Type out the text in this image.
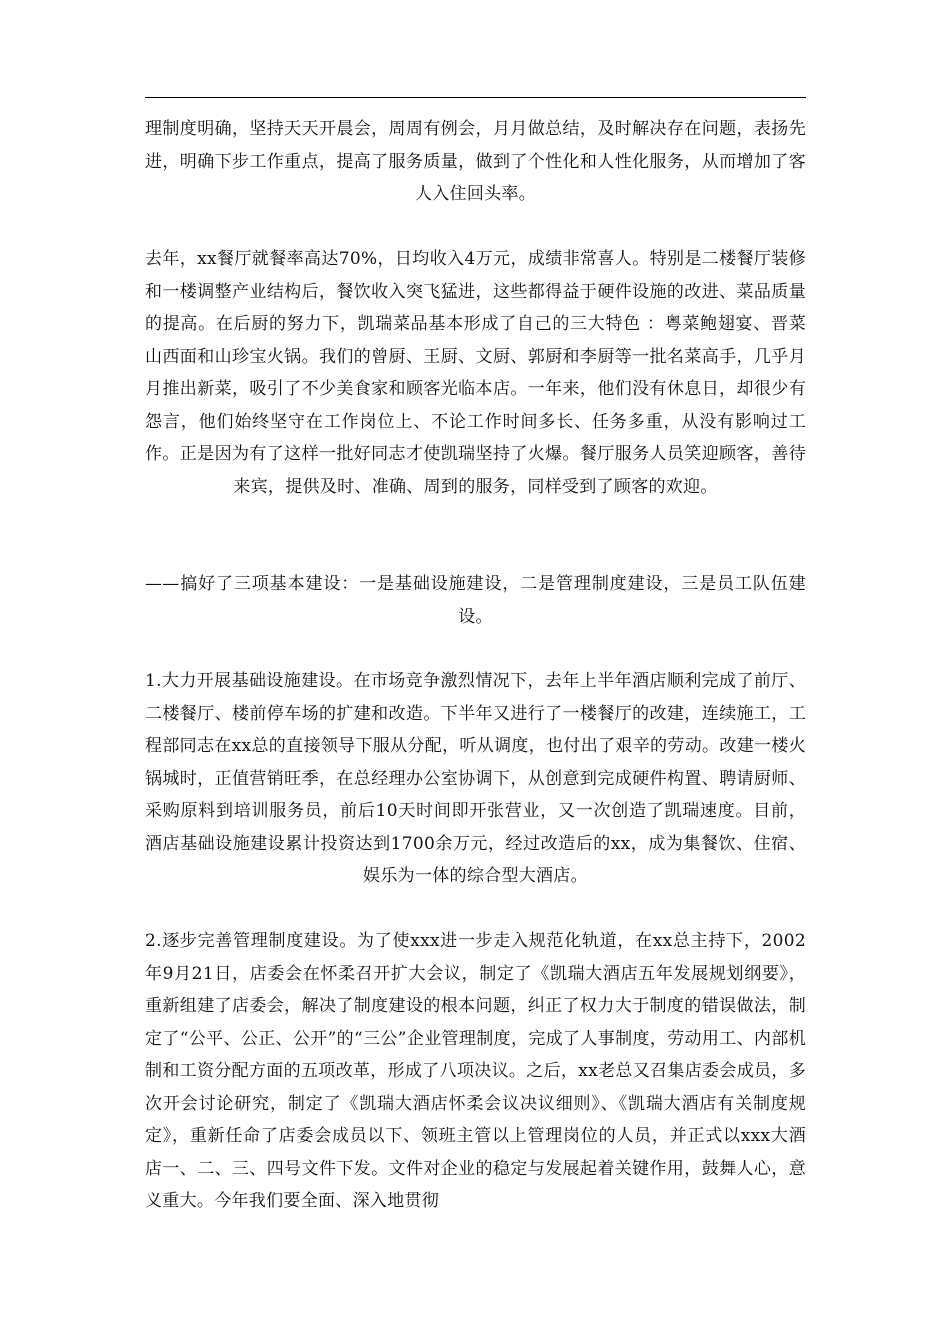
理制度明确，坚持天天开晨会，周周有例会，月月做总结，及时解决存在问题，表扬先进，明确下步工作重点，提高了服务质量，做到了个性化和人性化服务，从而增加了客人入住回头率。

去年，xx餐厅就餐率高达70%，日均收入4万元，成绩非常喜人。特别是二楼餐厅装修和一楼调整产业结构后，餐饮收入突飞猛进，这些都得益于硬件设施的改进、菜品质量的提高。在后厨的努力下，凯瑞菜品基本形成了自己的三大特色 ：粤菜鲍翅宴、晋菜山西面和山珍宝火锅。我们的曾厨、王厨、文厨、郭厨和李厨等一批名菜高手，几乎月月推出新菜，吸引了不少美食家和顾客光临本店。一年来，他们没有休息日，却很少有怨言，他们始终坚守在工作岗位上、不论工作时间多长、任务多重，从没有影响过工作。正是因为有了这样一批好同志才使凯瑞坚持了火爆。餐厅服务人员笑迎顾客，善待来宾，提供及时、准确、周到的服务，同样受到了顾客的欢迎。

——搞好了三项基本建设：一是基础设施建设，二是管理制度建设，三是员工队伍建设。

1.大力开展基础设施建设。在市场竞争激烈情况下，去年上半年酒店顺利完成了前厅、二楼餐厅、楼前停车场的扩建和改造。下半年又进行了一楼餐厅的改建，连续施工，工程部同志在xx总的直接领导下服从分配，听从调度，也付出了艰辛的劳动。改建一楼火锅城时，正值营销旺季，在总经理办公室协调下，从创意到完成硬件构置、聘请厨师、采购原料到培训服务员，前后10天时间即开张营业，又一次创造了凯瑞速度。目前，酒店基础设施建设累计投资达到1700余万元，经过改造后的xx，成为集餐饮、住宿、娱乐为一体的综合型大酒店。

2.逐步完善管理制度建设。为了使xxx进一步走入规范化轨道，在xx总主持下，2002年9月21日，店委会在怀柔召开扩大会议，制定了《凯瑞大酒店五年发展规划纲要》，重新组建了店委会，解决了制度建设的根本问题，纠正了权力大于制度的错误做法，制定了“公平、公正、公开”的“三公”企业管理制度，完成了人事制度，劳动用工、内部机制和工资分配方面的五项改革，形成了八项决议。之后，xx老总又召集店委会成员，多次开会讨论研究，制定了《凯瑞大酒店怀柔会议决议细则》、《凯瑞大酒店有关制度规定》，重新任命了店委会成员以下、领班主管以上管理岗位的人员，并正式以xxx大酒店一、二、三、四号文件下发。文件对企业的稳定与发展起着关键作用，鼓舞人心，意义重大。今年我们要全面、深入地贯彻
